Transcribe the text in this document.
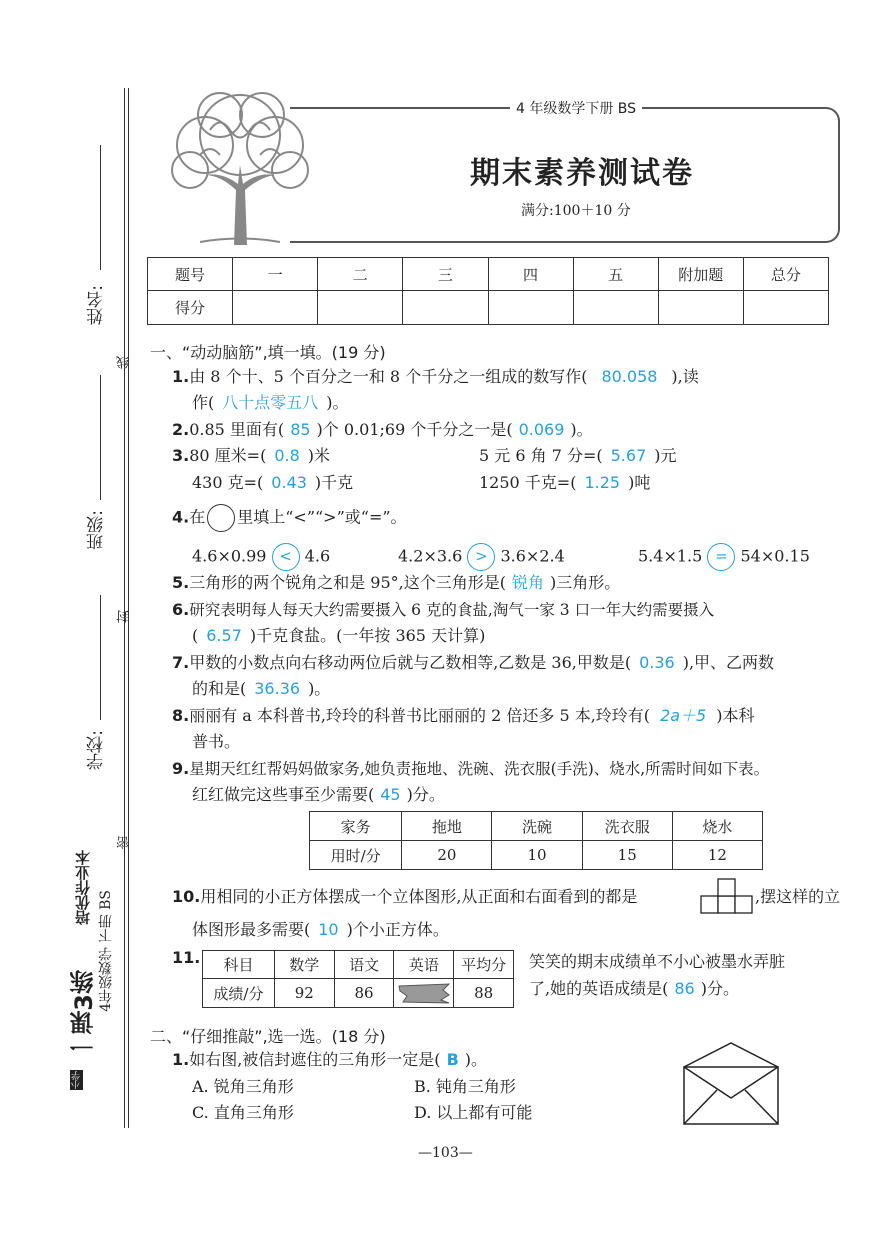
姓名:
线
班级:
封
学校:
密
小学
一课3练
培优作业本
4年级数学 下册 BS
4 年级数学下册 BS
期末素养测试卷
满分:100＋10 分
题号	一	二	三	四	五	附加题	总分
得分							
一、“动动脑筋”,填一填。(19 分)
1.由 8 个十、5 个百分之一和 8 个千分之一组成的数写作( 80.058 ),读
作( 八十点零五八 )。
2.0.85 里面有( 85 )个 0.01;69 个千分之一是( 0.069 )。
3.80 厘米=( 0.8 )米	5 元 6 角 7 分=( 5.67 )元
430 克=( 0.43 )千克	1250 千克=( 1.25 )吨
4.在 里填上“<”“>”或“=”。
4.6×0.99 < 4.6	4.2×3.6 > 3.6×2.4	5.4×1.5 = 54×0.15
5.三角形的两个锐角之和是 95°,这个三角形是( 锐角 )三角形。
6.研究表明每人每天大约需要摄入 6 克的食盐,淘气一家 3 口一年大约需要摄入
( 6.57 )千克食盐。(一年按 365 天计算)
7.甲数的小数点向右移动两位后就与乙数相等,乙数是 36,甲数是( 0.36 ),甲、乙两数
的和是( 36.36 )。
8.丽丽有 a 本科普书,玲玲的科普书比丽丽的 2 倍还多 5 本,玲玲有( 2a＋5 )本科
普书。
9.星期天红红帮妈妈做家务,她负责拖地、洗碗、洗衣服(手洗)、烧水,所需时间如下表。
红红做完这些事至少需要( 45 )分。
家务	拖地	洗碗	洗衣服	烧水
用时/分	20	10	15	12
10.用相同的小正方体摆成一个立体图形,从正面和右面看到的都是	,摆这样的立
体图形最多需要( 10 )个小正方体。
11. 科目	数学	语文	英语	平均分
成绩/分	92	86		88
笑笑的期末成绩单不小心被墨水弄脏
了,她的英语成绩是( 86 )分。
二、“仔细推敲”,选一选。(18 分)
1.如右图,被信封遮住的三角形一定是( B )。
A. 锐角三角形	B. 钝角三角形
C. 直角三角形	D. 以上都有可能
—103—
